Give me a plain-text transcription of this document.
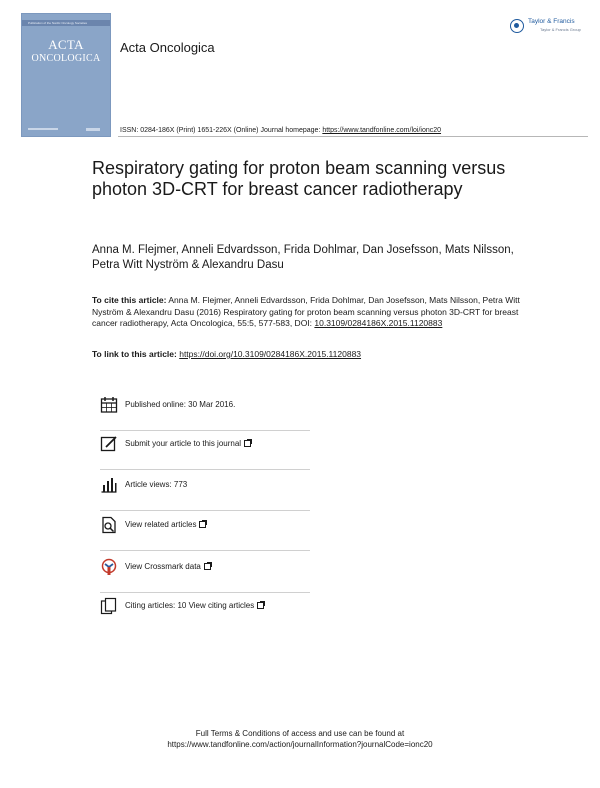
Publication of the Nordic Oncology Societies
ACTA
ONCOLOGICA
Acta Oncologica
Taylor & Francis
Taylor & Francis Group
ISSN: 0284-186X (Print) 1651-226X (Online) Journal homepage: https://www.tandfonline.com/loi/ionc20
Respiratory gating for proton beam scanning versus photon 3D-CRT for breast cancer radiotherapy
Anna M. Flejmer, Anneli Edvardsson, Frida Dohlmar, Dan Josefsson, Mats Nilsson, Petra Witt Nyström & Alexandru Dasu
To cite this article: Anna M. Flejmer, Anneli Edvardsson, Frida Dohlmar, Dan Josefsson, Mats Nilsson, Petra Witt Nyström & Alexandru Dasu (2016) Respiratory gating for proton beam scanning versus photon 3D-CRT for breast cancer radiotherapy, Acta Oncologica, 55:5, 577-583, DOI: 10.3109/0284186X.2015.1120883
To link to this article: https://doi.org/10.3109/0284186X.2015.1120883
Published online: 30 Mar 2016.
Submit your article to this journal
Article views: 773
View related articles
View Crossmark data
Citing articles: 10 View citing articles
Full Terms & Conditions of access and use can be found at
https://www.tandfonline.com/action/journalInformation?journalCode=ionc20
